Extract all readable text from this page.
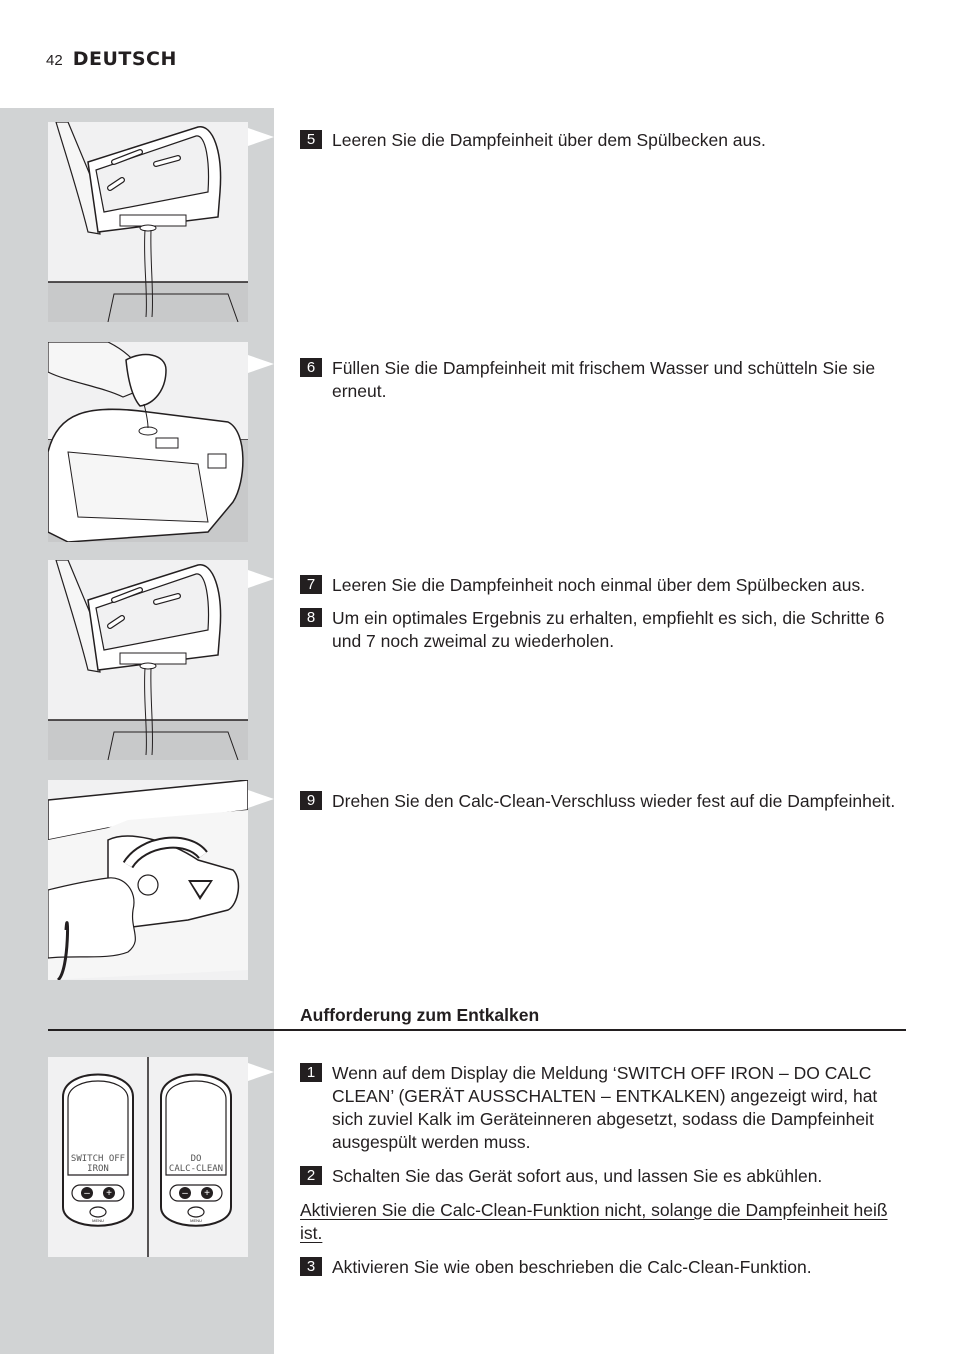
42 DEUTSCH
SWITCH OFF
IRON
– +
MENU
DO
CALC-CLEAN
– +
MENU
5 Leeren Sie die Dampfeinheit über dem Spülbecken aus.
6 Füllen Sie die Dampfeinheit mit frischem Wasser und schütteln Sie sie erneut.
7 Leeren Sie die Dampfeinheit noch einmal über dem Spülbecken aus.
8 Um ein optimales Ergebnis zu erhalten, empfiehlt es sich, die Schritte 6 und 7 noch zweimal zu wiederholen.
9 Drehen Sie den Calc-Clean-Verschluss wieder fest auf die Dampfeinheit.
Aufforderung zum Entkalken
1 Wenn auf dem Display die Meldung ‘SWITCH OFF IRON – DO CALC CLEAN’ (GERÄT AUSSCHALTEN – ENTKALKEN) angezeigt wird, hat sich zuviel Kalk im Geräteinneren abgesetzt, sodass die Dampfeinheit ausgespült werden muss.
2 Schalten Sie das Gerät sofort aus, und lassen Sie es abkühlen.
Aktivieren Sie die Calc-Clean-Funktion nicht, solange die Dampfeinheit heiß ist.
3 Aktivieren Sie wie oben beschrieben die Calc-Clean-Funktion.
